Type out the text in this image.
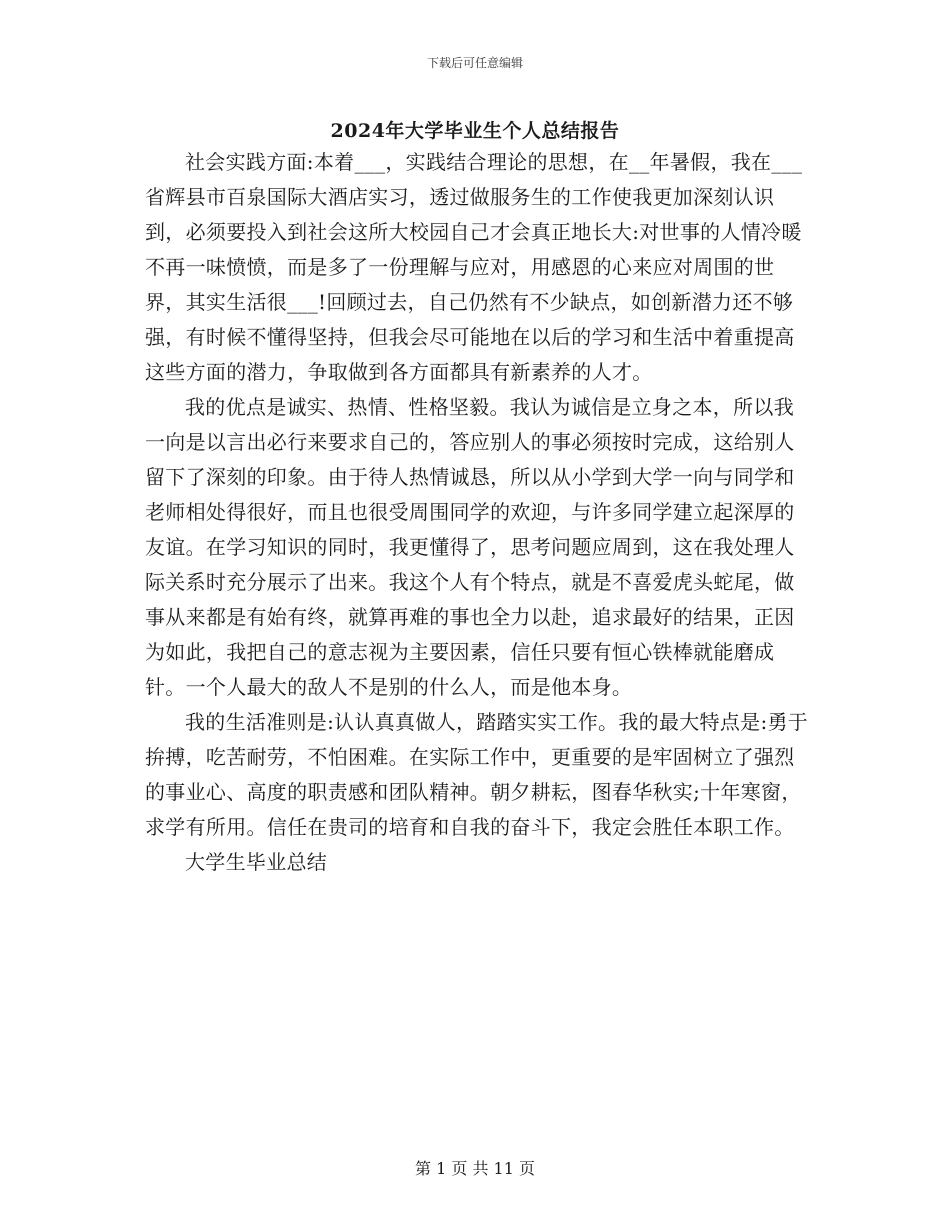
下载后可任意编辑
2024年大学毕业生个人总结报告

社会实践方面:本着___，实践结合理论的思想，在__年暑假，我在___省辉县市百泉国际大酒店实习，透过做服务生的工作使我更加深刻认识到，必须要投入到社会这所大校园自己才会真正地长大:对世事的人情冷暖不再一味愤愤，而是多了一份理解与应对，用感恩的心来应对周围的世界，其实生活很___!回顾过去，自己仍然有不少缺点，如创新潜力还不够强，有时候不懂得坚持，但我会尽可能地在以后的学习和生活中着重提高这些方面的潜力，争取做到各方面都具有新素养的人才。

我的优点是诚实、热情、性格坚毅。我认为诚信是立身之本，所以我一向是以言出必行来要求自己的，答应别人的事必须按时完成，这给别人留下了深刻的印象。由于待人热情诚恳，所以从小学到大学一向与同学和老师相处得很好，而且也很受周围同学的欢迎，与许多同学建立起深厚的友谊。在学习知识的同时，我更懂得了，思考问题应周到，这在我处理人际关系时充分展示了出来。我这个人有个特点，就是不喜爱虎头蛇尾，做事从来都是有始有终，就算再难的事也全力以赴，追求最好的结果，正因为如此，我把自己的意志视为主要因素，信任只要有恒心铁棒就能磨成针。一个人最大的敌人不是别的什么人，而是他本身。

我的生活准则是:认认真真做人，踏踏实实工作。我的最大特点是:勇于拚搏，吃苦耐劳，不怕困难。在实际工作中，更重要的是牢固树立了强烈的事业心、高度的职责感和团队精神。朝夕耕耘，图春华秋实;十年寒窗，求学有所用。信任在贵司的培育和自我的奋斗下，我定会胜任本职工作。

大学生毕业总结

第 1 页 共 11 页
